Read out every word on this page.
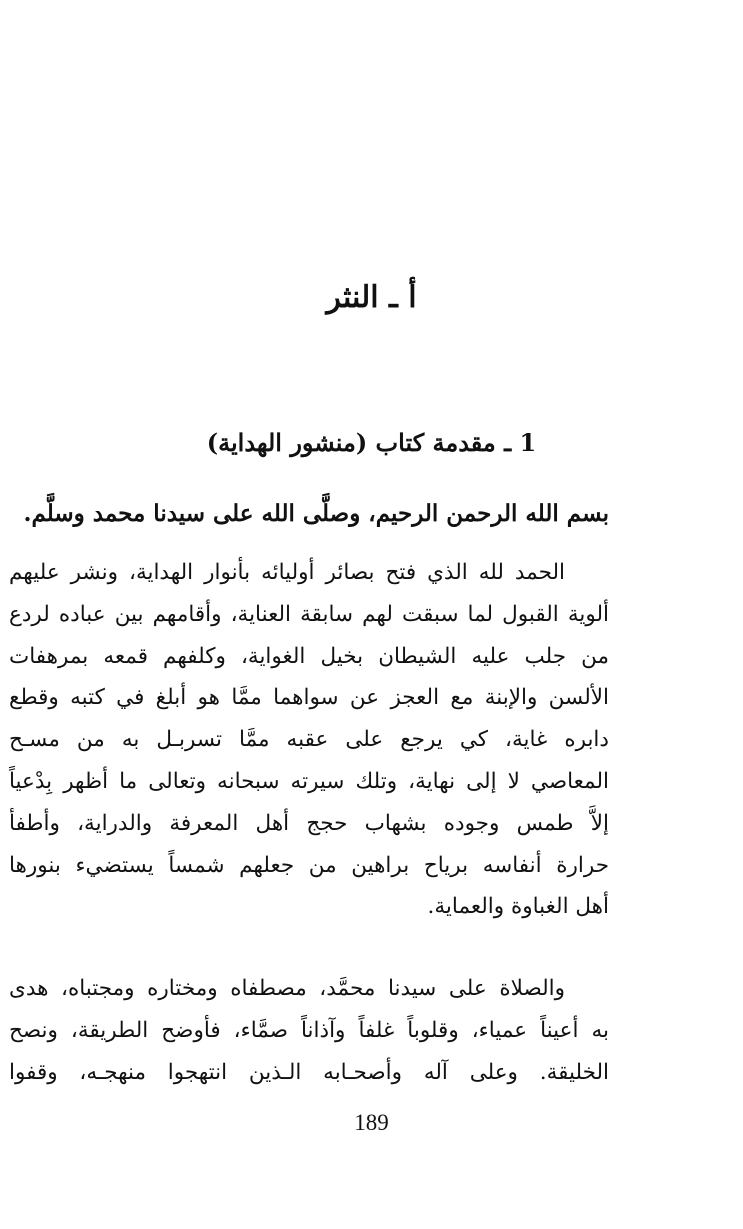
أ ـ النثر
1 ـ مقدمة كتاب (منشور الهداية)
بسم الله الرحمن الرحيم، وصلَّى الله على سيدنا محمد وسلَّم.
الحمد لله الذي فتح بصائر أوليائه بأنوار الهداية، ونشر عليهم
ألوية القبول لما سبقت لهم سابقة العناية، وأقامهم بين عباده لردع
من جلب عليه الشيطان بخيل الغواية، وكلفهم قمعه بمرهفات
الألسن والإبنة مع العجز عن سواهما ممَّا هو أبلغ في كتبه وقطع
دابره غاية، كي يرجع على عقبه ممَّا تسربـل به من مسـح
المعاصي لا إلى نهاية، وتلك سيرته سبحانه وتعالى ما أظهر بِدْعياً
إلاَّ طمس وجوده بشهاب حجج أهل المعرفة والدراية، وأطفأ
حرارة أنفاسه برياح براهين من جعلهم شمساً يستضيء بنورها
أهل الغباوة والعماية.
والصلاة على سيدنا محمَّد، مصطفاه ومختاره ومجتباه، هدى
به أعيناً عمياء، وقلوباً غلفاً وآذاناً صمَّاء، فأوضح الطريقة، ونصح
الخليقة. وعلى آله وأصحـابه الـذين انتهجوا منهجـه، وقفوا
189
